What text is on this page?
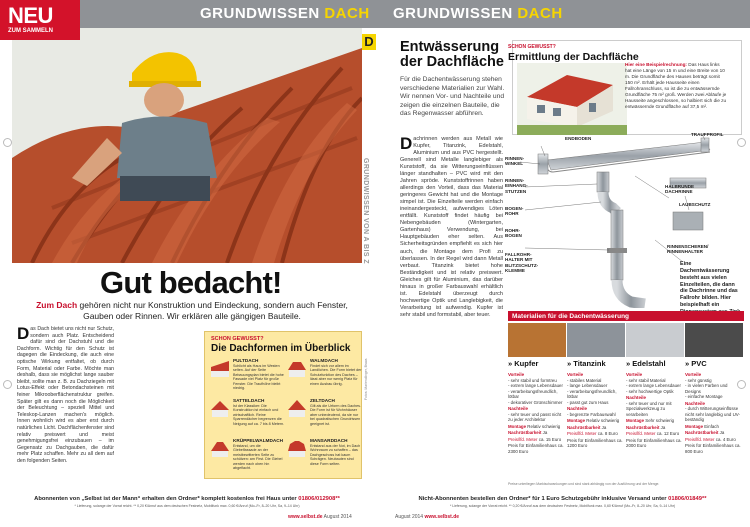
GRUNDWISSEN DACH
NEU
ZUM SAMMELN
D
GRUNDWISSEN VON A BIS Z
Gut bedacht!
Zum Dach gehören nicht nur Konstruktion und Eindeckung, sondern auch Fenster, Gauben oder Rinnen. Wir erklären alle gängigen Bauteile.
Das Dach bietet uns nicht nur Schutz, sondern auch Platz. Entscheidend dafür sind der Dachstuhl und die Dachform. Wichtig für den Schutz ist dagegen die Eindeckung, die auch eine optische Wirkung entfaltet, ob durch Form, Material oder Farbe. Möchte man deshalb, dass sie möglichst lange sauber bleibt, sollte man z. B. zu Dachziegeln mit Lotus-Effekt oder Betondachsteinen mit feiner Mikrooberflächenstruktur greifen. Später gilt es dann noch die Möglichkeit der Beleuchtung – speziell Mittel und Teleskop-Lanzen machen's möglich. Innen wohnlich wird es aber erst durch natürliches Licht. Dachflächenfenster sind relativ preiswert und meist genehmigungsfrei einzubauen – im Gegensatz zu Dachgauben, die dafür mehr Platz schaffen. Mehr zu all dem auf den folgenden Seiten.
SCHON GEWUSST?
Die Dachformen im Überblick
PULTDACH
Schlicht als Haus im Westen selten. Auf der Seite Bebauungsplan bietet die hohe Fassade viel Platz für große Fenster. Die Traufhöhe bleibt niedrig.
WALMDACH
Findet sich vor allem im Landlichen. Die Form bietet der Schutzfunktion des Daches – lässt aber nur wenig Platz für einen Ausbau übrig.
SATTELDACH
Ist der Klassiker: Die Konstruktion ist einfach und wirtschaftlich. Reine Sparrendächer begrenzen die Neigung auf ca. 7 bis 8 Metern.
ZELTDACH
Gilt als die Urform des Daches. Die Form ist für Wohnhäuser aber unbedeutend, da sie nur bei quadratischen Grundrissen geeignet ist.
KRÜPPELWALMDACH
Entstand, um die Giebelfassade an der meistbewitterten Seite zu schützen: am First. Die Giebel werden nach oben hin abgeflacht.
MANSARDDACH
Entstand aus der Not, im Dach Wohnraum zu schaffen – das Dachgeschoss hat kaum Schrägen. Neubauten sind diese Form selten.
Fotos: Mariendlinger, Braas
Abonnenten von „Selbst ist der Mann“ erhalten den Ordner* komplett kostenlos frei Haus unter 01806/012908**
* Lieferung, solange der Vorrat reicht. ** 0,20 €/Anruf aus dem deutschen Festnetz, Mobilfunk max. 0,60 €/Anruf (Mo–Fr, 8–20 Uhr, Sa, 9–14 Uhr)
www.selbst.de August 2014
GRUNDWISSEN DACH
Entwässerung der Dachfläche
Für die Dachentwässerung stehen verschiedene Materialien zur Wahl. Wir nennen Vor- und Nachteile und zeigen die einzelnen Bauteile, die das Regenwasser abführen.
SCHON GEWUSST?
Ermittlung der Dachfläche
Hier eine Beispielrechnung: Das Haus links hat eine Länge von 15 m und eine Breite von 10 m. Die Grundfläche des Hauses beträgt somit 150 m². Erhält jede Hausseite einen Fallrohranschluss, so ist die zu entwässernde Grundfläche 75 m² groß. Werden zwei Abläufe je Hausseite angeschlossen, so halbiert sich die zu entwässernde Grundfläche auf 37,5 m².
Dachrinnen werden aus Metall wie Kupfer, Titanzink, Edelstahl, Aluminium und aus PVC hergestellt. Generell sind Metalle langlebiger als Kunststoff, da sie Witterungseinflüssen länger standhalten – PVC wird mit den Jahren spröde. Kunststoffrinnen haben allerdings den Vorteil, dass das Material geringeres Gewicht hat und die Montage simpel ist. Die Einzelteile werden einfach ineinandergesteckt, aufwendiges Löten entfällt. Kunststoff findet häufig bei Nebengebäuden (Wintergarten, Gartenhaus) Verwendung, bei Hauptgebäuden eher selten. Aus Sicherheitsgründen empfiehlt es sich hier auch, die Montage dem Profi zu überlassen. In der Regel wird dann Metall verbaut. Titanzink bietet hohe Beständigkeit und ist relativ preiswert. Gleiches gilt für Aluminium, das darüber hinaus in großer Farbauswahl erhältlich ist. Edelstahl überzeugt durch hochwertige Optik und Langlebigkeit, die Verarbeitung ist aufwendig. Kupfer ist sehr stabil und formstabil, aber teuer.
ENDBODEN
TRAUFPROFIL
RINNEN-
WINKEL
HALBRUNDE
DACHRINNE
RINNEN-
EINHANG-
STUTZEN
BOGEN-
ROHR
LAUBSCHUTZ
ROHR-
BOGEN
RINNENSCHEREN/
RINNENHALTER
FALLROHR-
HALTER MIT
BLITZSCHUTZ-
KLEMME
Eine Dachentwässerung besteht aus vielen Einzelteilen, die dann die Dachrinne und das Fallrohr bilden. Hier beispielhaft ein
Materialien für die Dachentwässerung
» Kupfer
Vorteile
- sehr stabil und formtreu
- extrem lange Lebensdauer
- verarbeitungsfreundlich, lötbar
- dekorativer Grünschimmer
Nachteile
- sehr teuer und passt nicht zu jeder Architektur
Montage Relativ schwierig
Nachrüstbarkeit Ja
Preis/lfd. Meter ca. 15 Euro
Preis für Einfamilienhaus ca. 2300 Euro
» Titanzink
Vorteile
- stabiles Material
- lange Lebensdauer
- verarbeitungsfreundlich, lötbar
- passt gut zum Haus
Nachteile
- begrenzte Farbauswahl
Montage Relativ schwierig
Nachrüstbarkeit Ja
Preis/lfd. Meter ca. 8 Euro
Preis für Einfamilienhaus ca. 1200 Euro
» Edelstahl
Vorteile
- sehr stabil Material
- extrem lange Lebensdauer
- sehr hochwertige Optik
Nachteile
- sehr teuer und nur mit Spezialwerkzeug zu verarbeiten
Montage Sehr schwierig
Nachrüstbarkeit Ja
Preis/lfd. Meter ca. 12 Euro
Preis für Einfamilienhaus ca. 2000 Euro
» PVC
Vorteile
- sehr günstig
- in vielen Farben und Designs
- einfache Montage
Nachteile
- durch Witterungseinflüsse nicht sehr langlebig und UV-beständig
Montage Einfach
Nachrüstbarkeit Ja
Preis/lfd. Meter ca. 4 Euro
Preis für Einfamilienhaus ca. 800 Euro
Preise unterliegen Marktschwankungen und sind stark abhängig von der Ausführung und der Menge.
Nicht-Abonnenten bestellen den Ordner* für 1 Euro Schutzgebühr inklusive Versand unter 01806/01849**
* Lieferung, solange der Vorrat reicht. ** 0,20 €/Anruf aus dem deutschen Festnetz, Mobilfunk max. 0,60 €/Anruf (Mo–Fr, 8–20 Uhr, Sa, 9–14 Uhr)
August 2014 www.selbst.de
